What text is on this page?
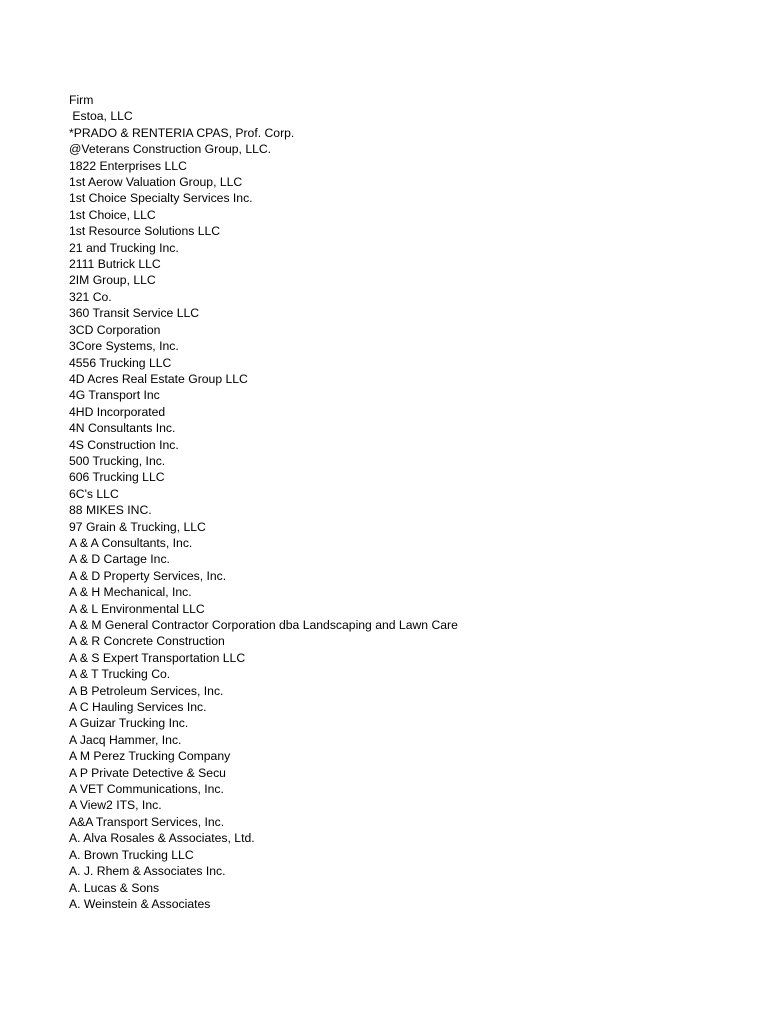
Firm
Estoa, LLC
*PRADO & RENTERIA CPAS, Prof. Corp.
@Veterans Construction Group, LLC.
1822 Enterprises LLC
1st Aerow Valuation Group, LLC
1st Choice Specialty Services Inc.
1st Choice, LLC
1st Resource Solutions LLC
21 and Trucking Inc.
2111 Butrick LLC
2IM Group, LLC
321 Co.
360 Transit Service LLC
3CD Corporation
3Core Systems, Inc.
4556 Trucking LLC
4D Acres Real Estate Group LLC
4G Transport Inc
4HD Incorporated
4N Consultants Inc.
4S Construction Inc.
500 Trucking, Inc.
606 Trucking LLC
6C's LLC
88 MIKES INC.
97 Grain & Trucking, LLC
A & A Consultants, Inc.
A & D Cartage Inc.
A & D Property Services, Inc.
A & H Mechanical, Inc.
A & L Environmental LLC
A & M General Contractor Corporation dba Landscaping and Lawn Care
A & R Concrete Construction
A & S Expert Transportation LLC
A & T Trucking Co.
A B Petroleum Services, Inc.
A C Hauling Services Inc.
A Guizar Trucking Inc.
A Jacq Hammer, Inc.
A M Perez Trucking Company
A P Private Detective & Secu
A VET Communications, Inc.
A View2 ITS, Inc.
A&A Transport Services, Inc.
A. Alva Rosales & Associates, Ltd.
A. Brown Trucking LLC
A. J. Rhem & Associates Inc.
A. Lucas & Sons
A. Weinstein & Associates
